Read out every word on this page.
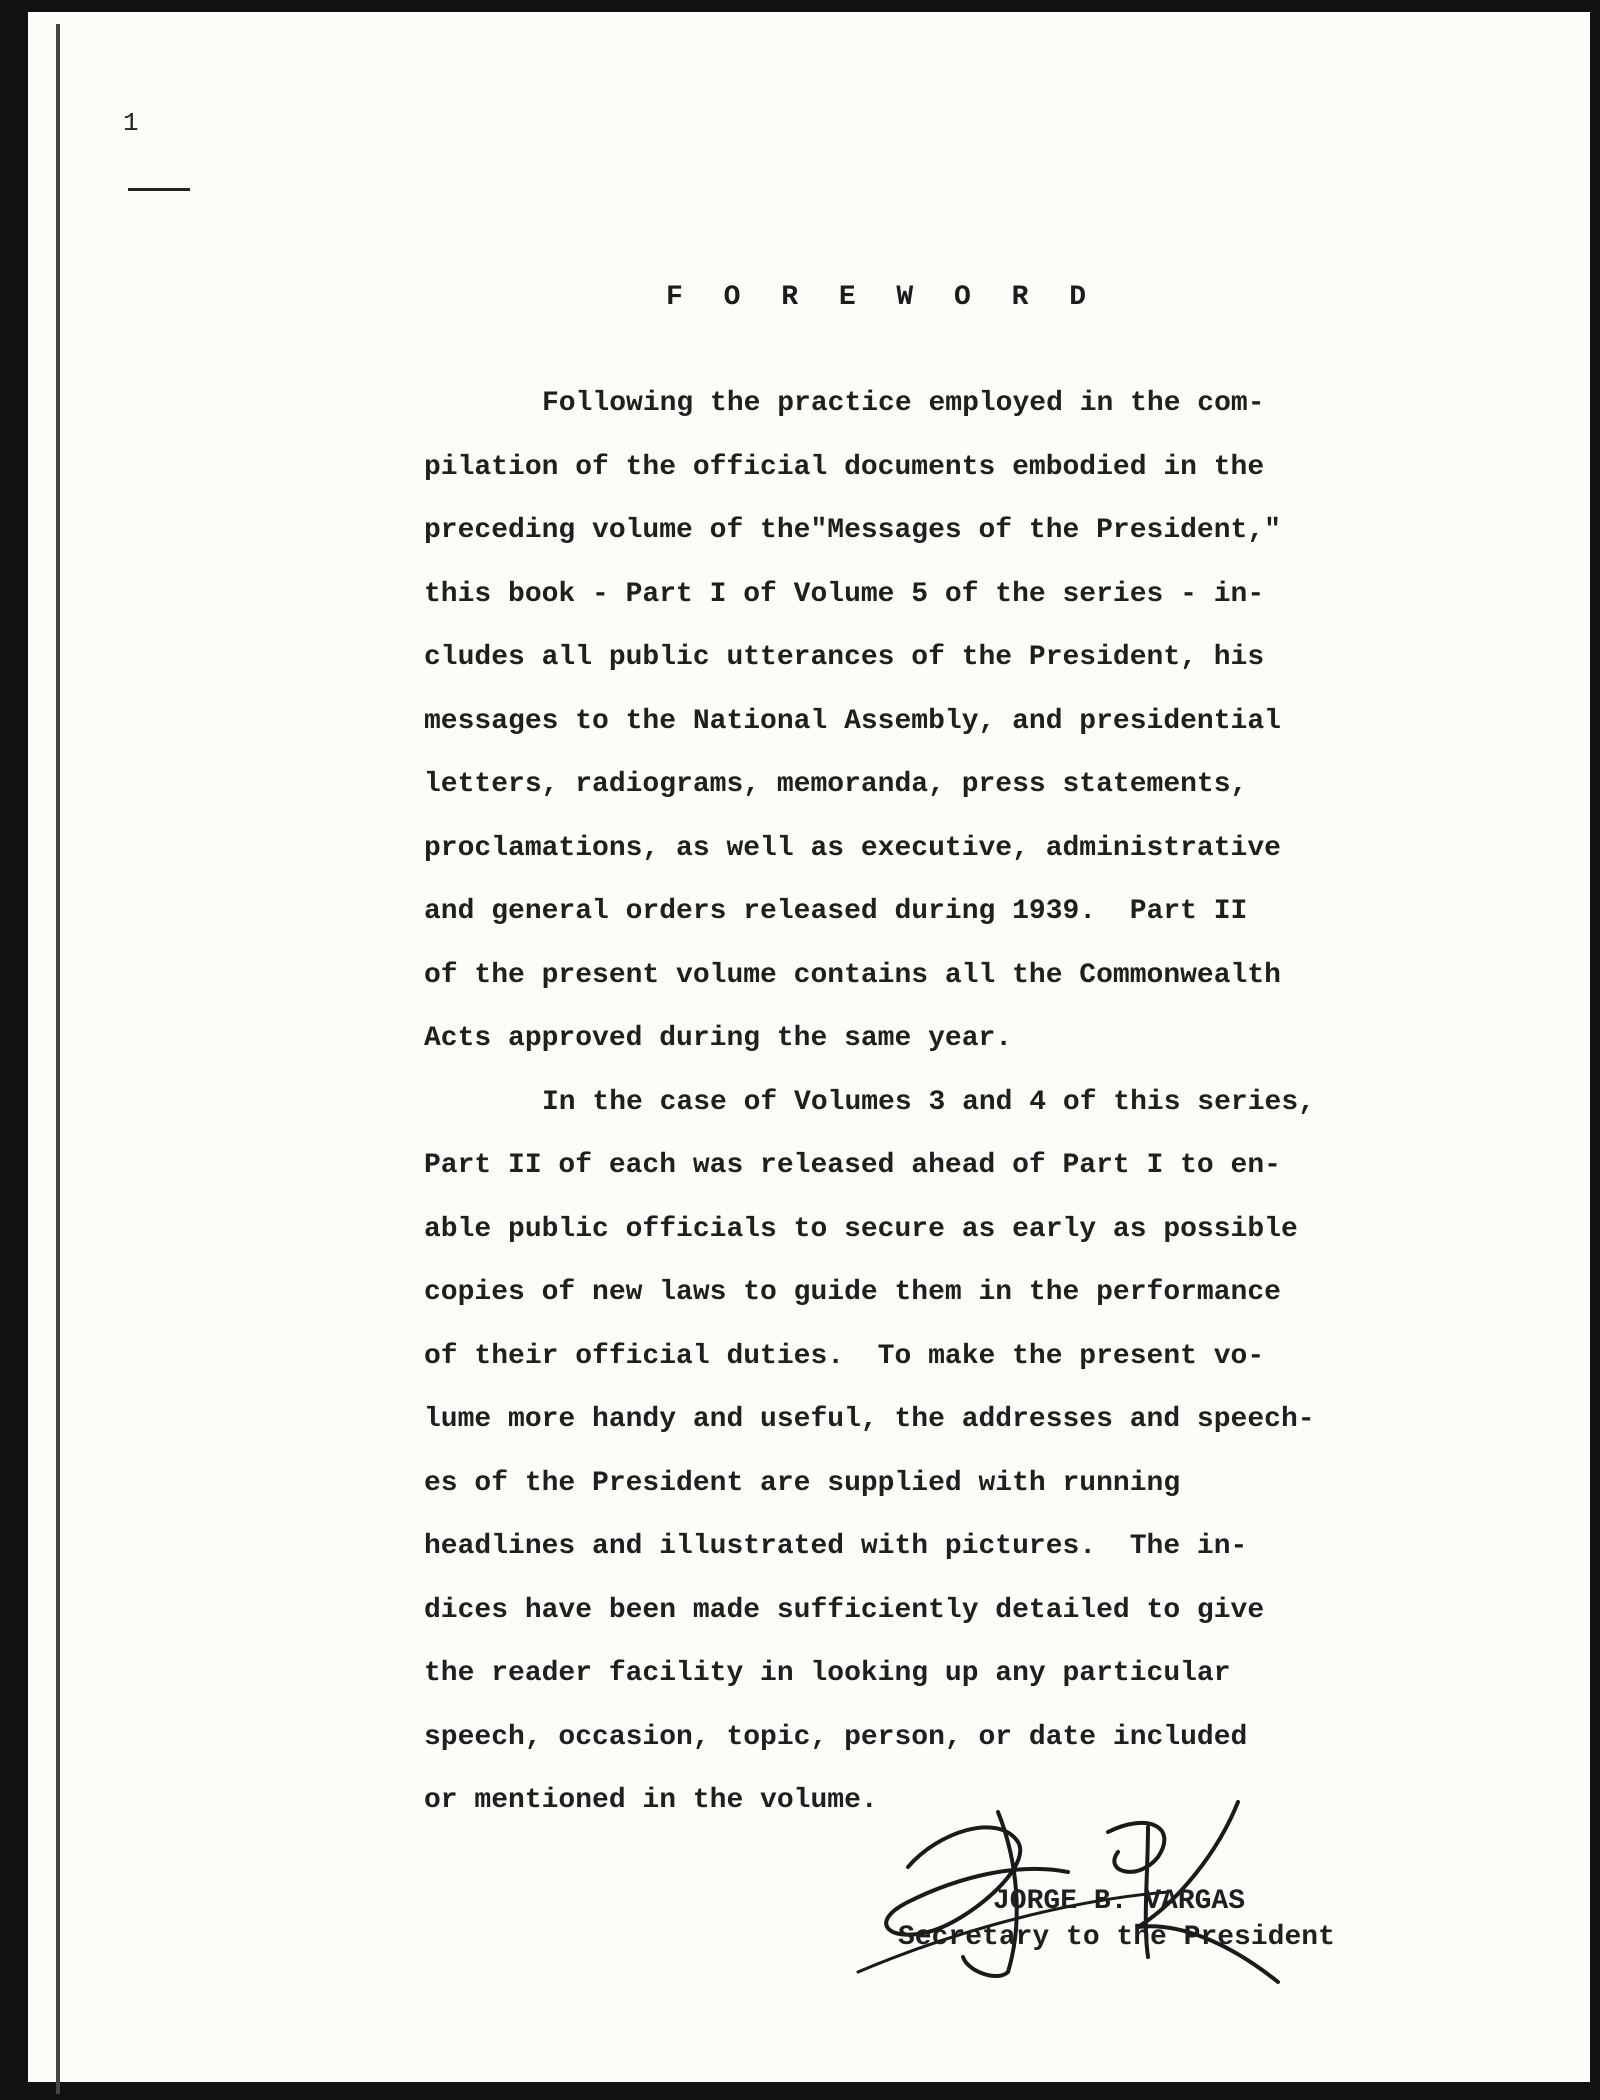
1
F O R E W O R D
Following the practice employed in the com-
pilation of the official documents embodied in the
preceding volume of the"Messages of the President,"
this book - Part I of Volume 5 of the series - in-
cludes all public utterances of the President, his
messages to the National Assembly, and presidential
letters, radiograms, memoranda, press statements,
proclamations, as well as executive, administrative
and general orders released during 1939.  Part II
of the present volume contains all the Commonwealth
Acts approved during the same year.
In the case of Volumes 3 and 4 of this series,
Part II of each was released ahead of Part I to en-
able public officials to secure as early as possible
copies of new laws to guide them in the performance
of their official duties.  To make the present vo-
lume more handy and useful, the addresses and speech-
es of the President are supplied with running
headlines and illustrated with pictures.  The in-
dices have been made sufficiently detailed to give
the reader facility in looking up any particular
speech, occasion, topic, person, or date included
or mentioned in the volume.
JORGE B. VARGAS
Secretary to the President
